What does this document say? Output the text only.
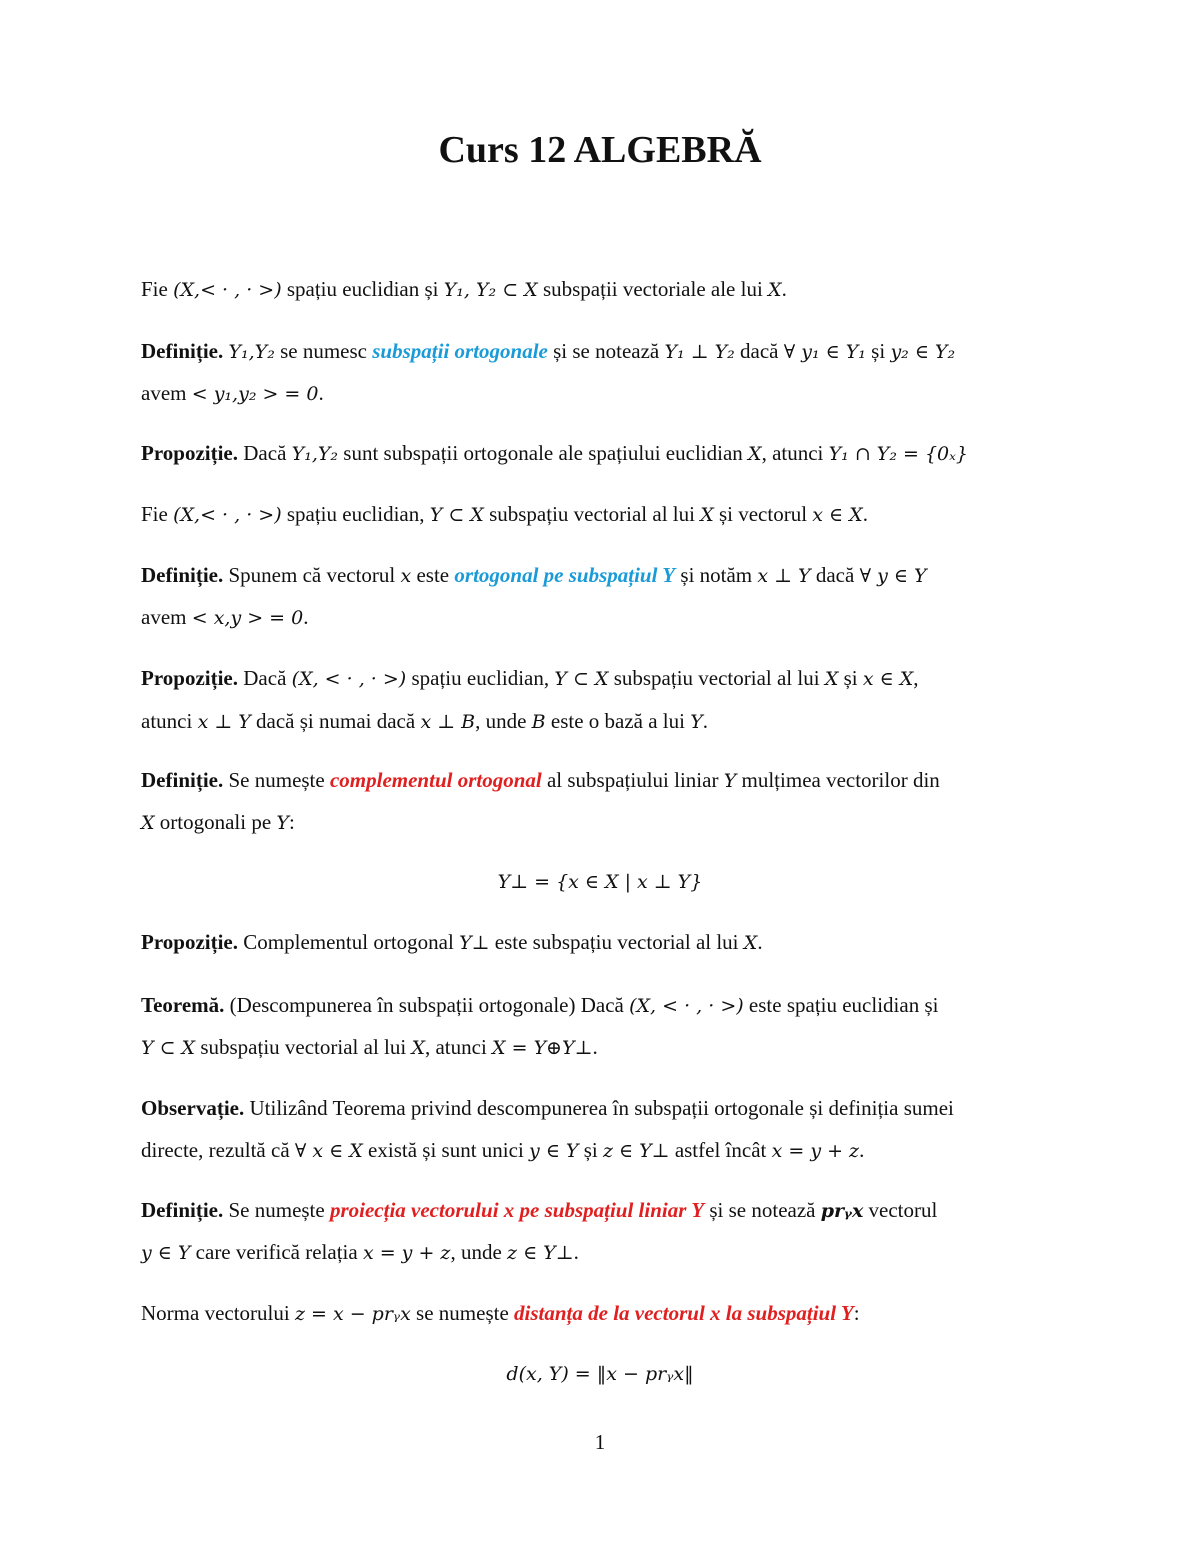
Curs 12 ALGEBRĂ
Fie (X,< · , · >) spațiu euclidian și Y₁, Y₂ ⊂ X subspații vectoriale ale lui X.
Definiție. Y₁,Y₂ se numesc subspații ortogonale și se notează Y₁ ⊥ Y₂ dacă ∀ y₁ ∈ Y₁ și y₂ ∈ Y₂
avem < y₁,y₂ > = 0.
Propoziție. Dacă Y₁,Y₂ sunt subspații ortogonale ale spațiului euclidian X, atunci Y₁ ∩ Y₂ = {0ₓ}
Fie (X,< · , · >) spațiu euclidian, Y ⊂ X subspațiu vectorial al lui X și vectorul x ∈ X.
Definiție. Spunem că vectorul x este ortogonal pe subspațiul Y și notăm x ⊥ Y dacă ∀ y ∈ Y
avem < x,y > = 0.
Propoziție. Dacă (X, < · , · >) spațiu euclidian, Y ⊂ X subspațiu vectorial al lui X și x ∈ X,
atunci x ⊥ Y dacă și numai dacă x ⊥ B, unde B este o bază a lui Y.
Definiție. Se numește complementul ortogonal al subspațiului liniar Y mulțimea vectorilor din
X ortogonali pe Y:
Y⊥ = {x ∈ X | x ⊥ Y}
Propoziție. Complementul ortogonal Y⊥ este subspațiu vectorial al lui X.
Teoremă. (Descompunerea în subspații ortogonale) Dacă (X, < · , · >) este spațiu euclidian și
Y ⊂ X subspațiu vectorial al lui X, atunci X = Y⊕Y⊥.
Observație. Utilizând Teorema privind descompunerea în subspații ortogonale și definiția sumei
directe, rezultă că ∀ x ∈ X există și sunt unici y ∈ Y și z ∈ Y⊥ astfel încât x = y + z.
Definiție. Se numește proiecția vectorului x pe subspațiul liniar Y și se notează prᵧx vectorul
y ∈ Y care verifică relația x = y + z, unde z ∈ Y⊥.
Norma vectorului z = x − prᵧx se numește distanța de la vectorul x la subspațiul Y:
d(x, Y) = ‖x − prᵧx‖
1
